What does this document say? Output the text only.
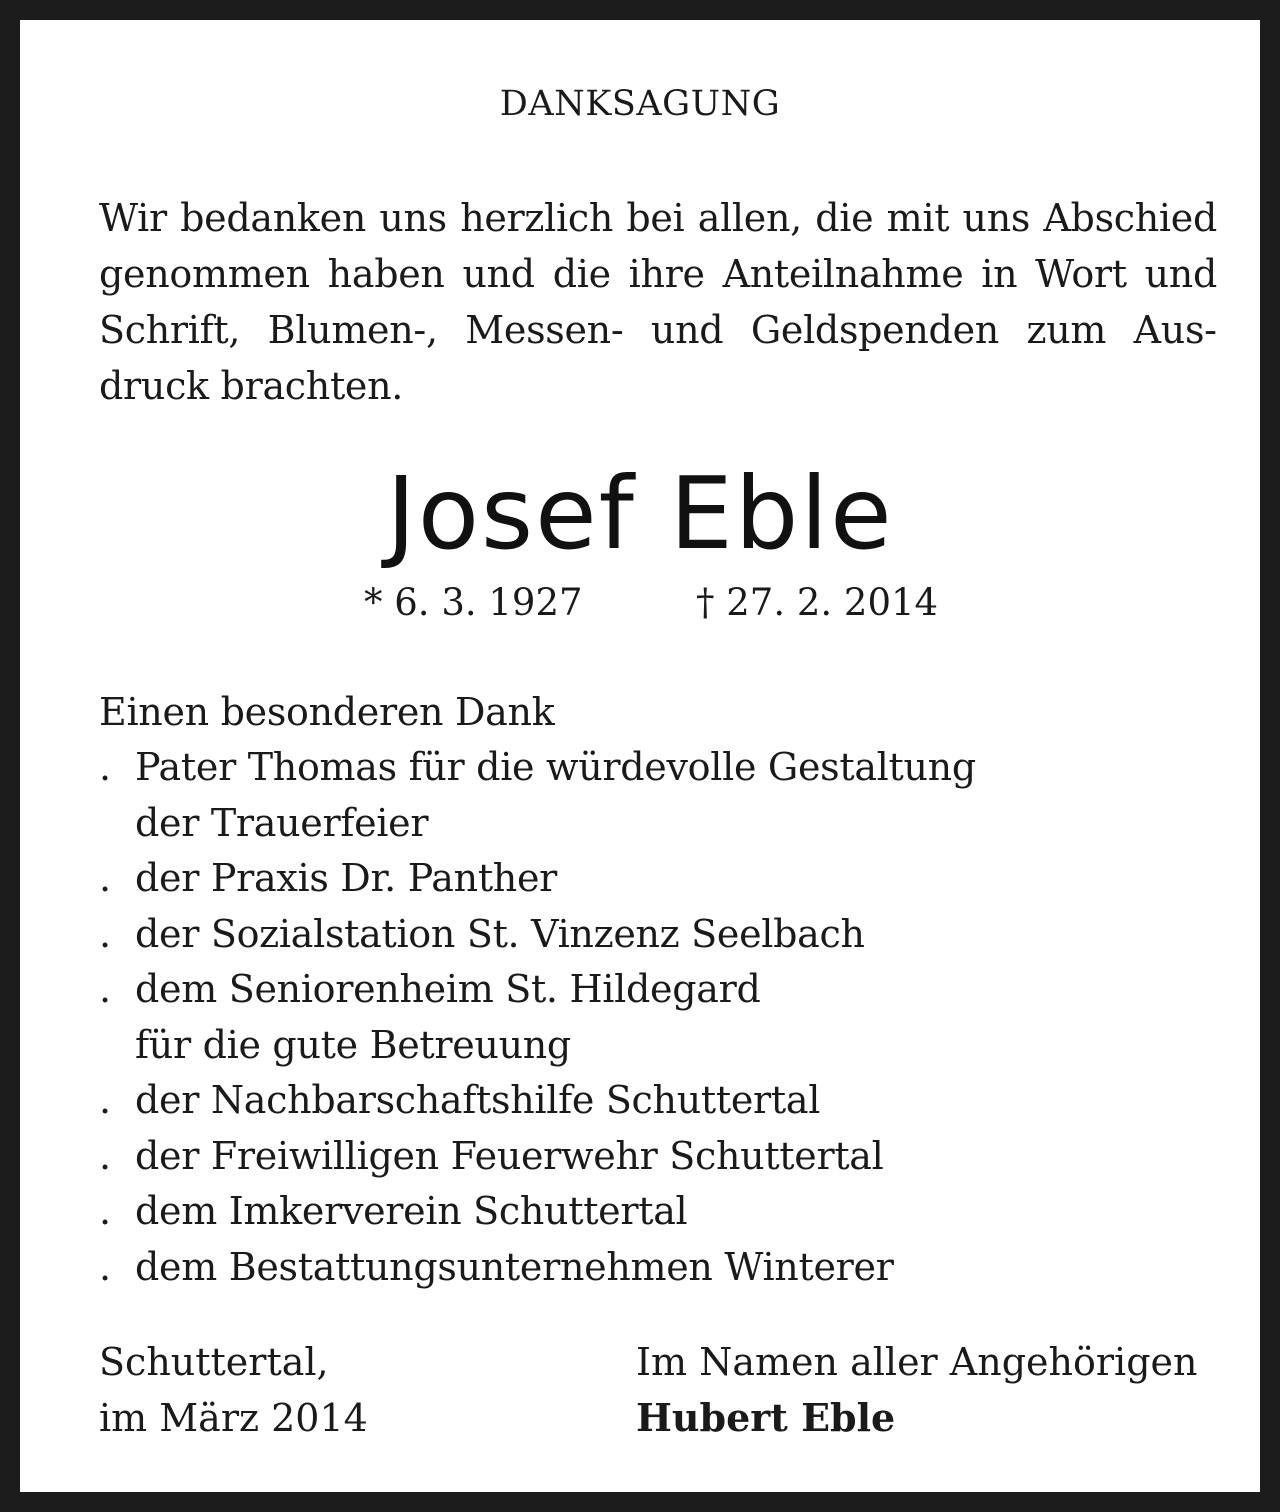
DANKSAGUNG
Wir bedanken uns herzlich bei allen, die mit uns Abschied genommen haben und die ihre Anteilnahme in Wort und Schrift, Blumen-, Messen- und Geldspenden zum Ausdruck brachten.
Josef Eble
* 6. 3. 1927	† 27. 2. 2014
Einen besonderen Dank
. Pater Thomas für die würdevolle Gestaltung
der Trauerfeier
. der Praxis Dr. Panther
. der Sozialstation St. Vinzenz Seelbach
. dem Seniorenheim St. Hildegard
für die gute Betreuung
. der Nachbarschaftshilfe Schuttertal
. der Freiwilligen Feuerwehr Schuttertal
. dem Imkerverein Schuttertal
. dem Bestattungsunternehmen Winterer
Schuttertal,
im März 2014
Im Namen aller Angehörigen
Hubert Eble
